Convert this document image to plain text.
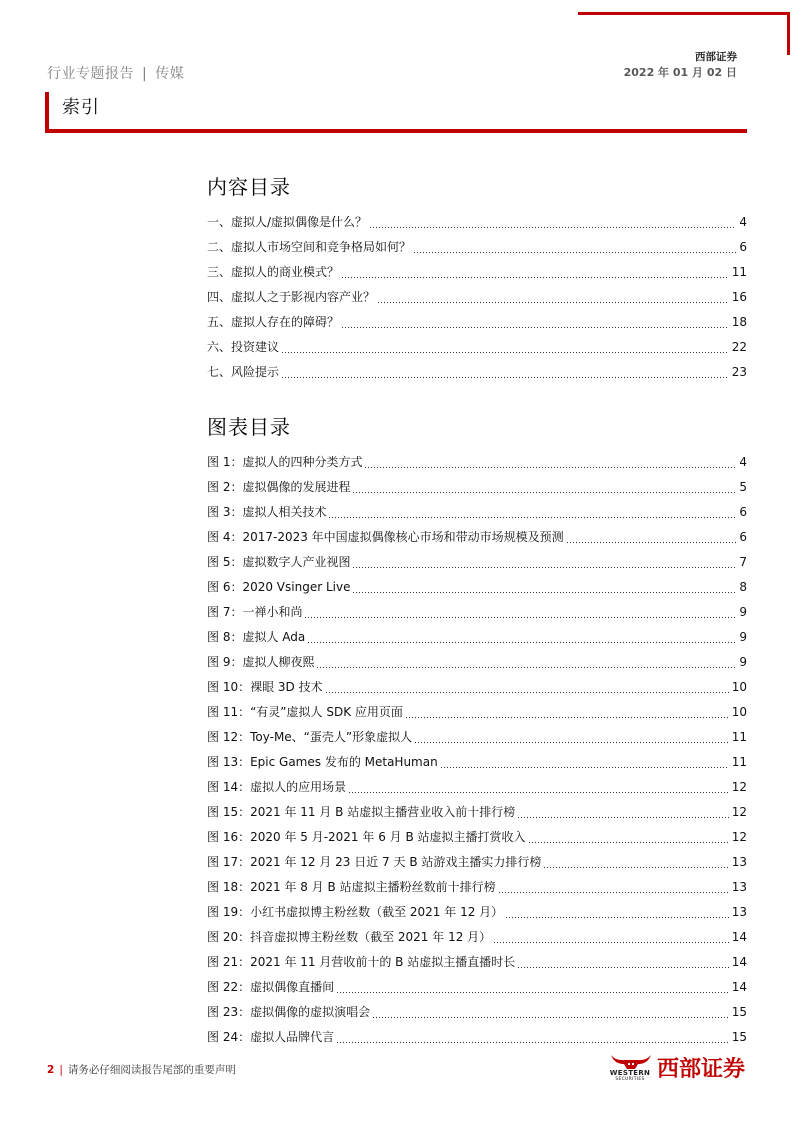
行业专题报告 | 传媒
西部证券
2022 年 01 月 02 日
索引
内容目录
一、虚拟人/虚拟偶像是什么？	4
二、虚拟人市场空间和竞争格局如何？	6
三、虚拟人的商业模式？	11
四、虚拟人之于影视内容产业？	16
五、虚拟人存在的障碍？	18
六、投资建议	22
七、风险提示	23
图表目录
图 1：虚拟人的四种分类方式	4
图 2：虚拟偶像的发展进程	5
图 3：虚拟人相关技术	6
图 4：2017-2023 年中国虚拟偶像核心市场和带动市场规模及预测	6
图 5：虚拟数字人产业视图	7
图 6：2020 Vsinger Live	8
图 7：一禅小和尚	9
图 8：虚拟人 Ada	9
图 9：虚拟人柳夜熙	9
图 10：裸眼 3D 技术	10
图 11：“有灵”虚拟人 SDK 应用页面	10
图 12：Toy-Me、“蛋壳人”形象虚拟人	11
图 13：Epic Games 发布的 MetaHuman	11
图 14：虚拟人的应用场景	12
图 15：2021 年 11 月 B 站虚拟主播营业收入前十排行榜	12
图 16：2020 年 5 月-2021 年 6 月 B 站虚拟主播打赏收入	12
图 17：2021 年 12 月 23 日近 7 天 B 站游戏主播实力排行榜	13
图 18：2021 年 8 月 B 站虚拟主播粉丝数前十排行榜	13
图 19：小红书虚拟博主粉丝数（截至 2021 年 12 月）	13
图 20：抖音虚拟博主粉丝数（截至 2021 年 12 月）	14
图 21：2021 年 11 月营收前十的 B 站虚拟主播直播时长	14
图 22：虚拟偶像直播间	14
图 23：虚拟偶像的虚拟演唱会	15
图 24：虚拟人品牌代言	15
2 | 请务必仔细阅读报告尾部的重要声明	WESTERN
SECURITIES 西部证券
